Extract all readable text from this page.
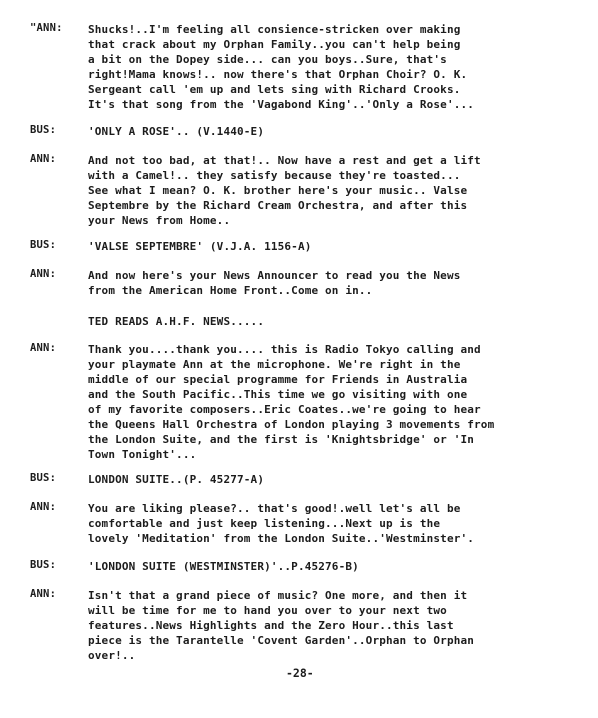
"ANN: Shucks!..I'm feeling all consience-stricken over making
that crack about my Orphan Family..you can't help being
a bit on the Dopey side... can you boys..Sure, that's
right!Mama knows!.. now there's that Orphan Choir? O. K.
Sergeant call 'em up and lets sing with Richard Crooks.
It's that song from the 'Vagabond King'..'Only a Rose'...
BUS:	'ONLY A ROSE'.. (V.1440-E)
ANN:	And not too bad, at that!.. Now have a rest and get a lift
with a Camel!.. they satisfy because they're toasted...
See what I mean? O. K. brother here's your music.. Valse
Septembre by the Richard Cream Orchestra, and after this
your News from Home..
BUS:	'VALSE SEPTEMBRE' (V.J.A. 1156-A)
ANN:	And now here's your News Announcer to read you the News
from the American Home Front..Come on in..
TED READS A.H.F. NEWS.....
ANN:	Thank you....thank you.... this is Radio Tokyo calling and
your playmate Ann at the microphone. We're right in the
middle of our special programme for Friends in Australia
and the South Pacific..This time we go visiting with one
of my favorite composers..Eric Coates..we're going to hear
the Queens Hall Orchestra of London playing 3 movements from
the London Suite, and the first is 'Knightsbridge' or 'In
Town Tonight'...
BUS:	LONDON SUITE..(P. 45277-A)
ANN:	You are liking please?.. that's good!.well let's all be
comfortable and just keep listening...Next up is the
lovely 'Meditation' from the London Suite..'Westminster'.
BUS:	'LONDON SUITE (WESTMINSTER)'..P.45276-B)
ANN:	Isn't that a grand piece of music? One more, and then it
will be time for me to hand you over to your next two
features..News Highlights and the Zero Hour..this last
piece is the Tarantelle 'Covent Garden'..Orphan to Orphan
over!..
-28-
